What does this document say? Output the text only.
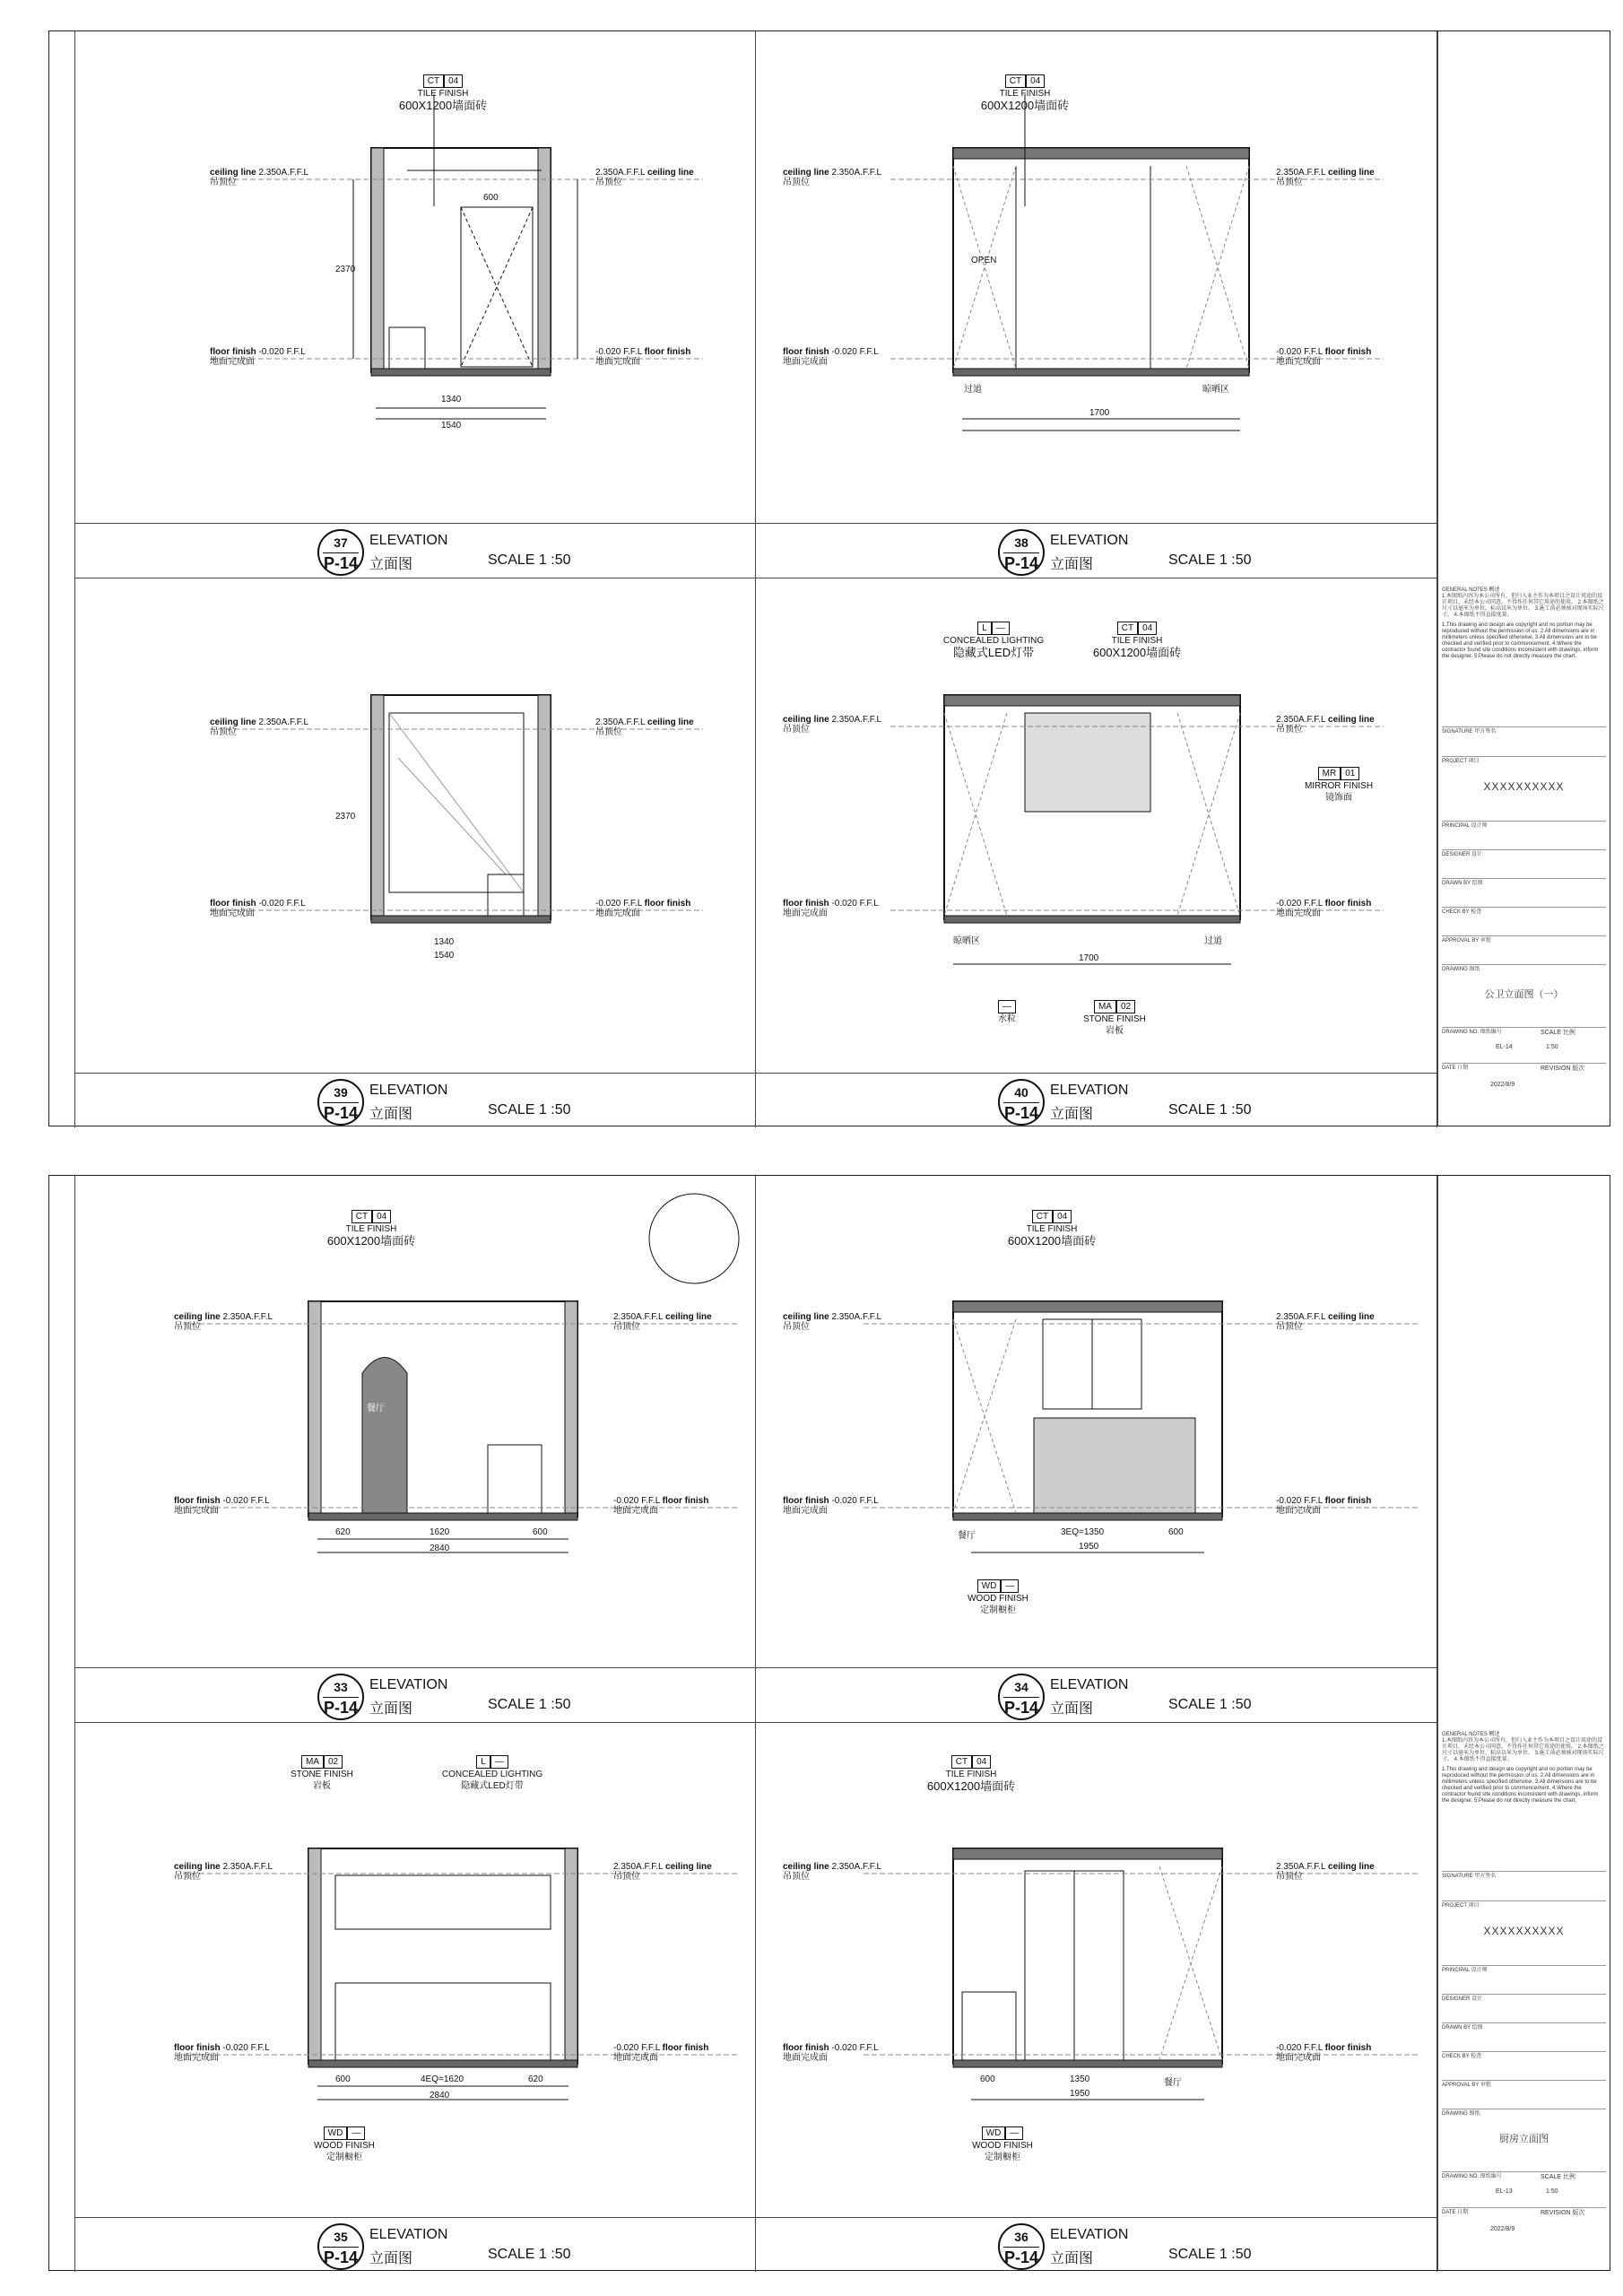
CT 04
TILE FINISH
600X1200墙面砖
ceiling line 2.350A.F.F.L
吊顶位
2.350A.F.F.L ceiling line
吊顶位
floor finish -0.020 F.F.L
地面完成面
-0.020 F.F.L floor finish
地面完成面
2370
1340
1540
600
37
P-14
ELEVATION
立面图	SCALE 1 :50
CT 04
TILE FINISH
600X1200墙面砖
ceiling line 2.350A.F.F.L
吊顶位
2.350A.F.F.L ceiling line
吊顶位
floor finish -0.020 F.F.L
地面完成面
-0.020 F.F.L floor finish
地面完成面
过道	晾晒区
1700
OPEN
38
P-14
ELEVATION
立面图	SCALE 1 :50
ceiling line 2.350A.F.F.L
吊顶位
2.350A.F.F.L ceiling line
吊顶位
floor finish -0.020 F.F.L
地面完成面
-0.020 F.F.L floor finish
地面完成面
1340
1540
2370
39
P-14
ELEVATION
立面图	SCALE 1 :50
L —
CONCEALED LIGHTING
隐藏式LED灯带
CT 04
TILE FINISH
600X1200墙面砖
MR 01
MIRROR FINISH
镜饰面
MA 02
STONE FINISH
岩板
—
水粒
ceiling line 2.350A.F.F.L
吊顶位
2.350A.F.F.L ceiling line
吊顶位
floor finish -0.020 F.F.L
地面完成面
-0.020 F.F.L floor finish
地面完成面
晾晒区	过道
1700
40
P-14
ELEVATION
立面图	SCALE 1 :50
GENERAL NOTES 概述
1.本图纸内容为本公司所有，但归入业主作为本项目之设计用途的设计项目，未经本公司同意，不得作任何其它用途的使用。 2.本图纸之尺寸以毫米为单位，标高以米为单位。 3.施工前必须核对现场实际尺寸。 4.本图纸不得直接度量。
1.This drawing and design are copyright and no portion may be reproduced without the permission of us. 2.All dimensions are in millimeters unless specified otherwise. 3.All dimensions are to be checked and verified prior to commencement. 4.Where the contractor found site conditions inconsistent with drawings, inform the designer. 5.Please do not directly measure the chart.
SIGNATURE 甲方签名
PROJECT 项目
XXXXXXXXXX
PRINCIPAL 设计师
DESIGNER 设计
DRAWN BY 绘图
CHECK BY 检查
APPROVAL BY 审批
DRAWING 图纸
公卫立面图（一）
DRAWING NO. 图纸编号	SCALE 比例
EL-14	1:50
DATE 日期	REVISION 版次
2022/8/9
CT 04
TILE FINISH
600X1200墙面砖
ceiling line 2.350A.F.F.L
吊顶位
2.350A.F.F.L ceiling line
吊顶位
floor finish -0.020 F.F.L
地面完成面
-0.020 F.F.L floor finish
地面完成面
620	1620	600
2840
餐厅
33
P-14
ELEVATION
立面图	SCALE 1 :50
CT 04
TILE FINISH
600X1200墙面砖
WD —
WOOD FINISH
定制橱柜
ceiling line 2.350A.F.F.L
吊顶位
2.350A.F.F.L ceiling line
吊顶位
floor finish -0.020 F.F.L
地面完成面
-0.020 F.F.L floor finish
地面完成面
餐厅	3EQ=1350	600
1950
34
P-14
ELEVATION
立面图	SCALE 1 :50
MA 02
STONE FINISH
岩板
L —
CONCEALED LIGHTING
隐藏式LED灯带
WD —
WOOD FINISH
定制橱柜
ceiling line 2.350A.F.F.L
吊顶位
2.350A.F.F.L ceiling line
吊顶位
floor finish -0.020 F.F.L
地面完成面
-0.020 F.F.L floor finish
地面完成面
600	4EQ=1620	620
2840
35
P-14
ELEVATION
立面图	SCALE 1 :50
CT 04
TILE FINISH
600X1200墙面砖
WD —
WOOD FINISH
定制橱柜
ceiling line 2.350A.F.F.L
吊顶位
2.350A.F.F.L ceiling line
吊顶位
floor finish -0.020 F.F.L
地面完成面
-0.020 F.F.L floor finish
地面完成面
600	1350	餐厅
1950
36
P-14
ELEVATION
立面图	SCALE 1 :50
GENERAL NOTES 概述
1.本图纸内容为本公司所有，但归入业主作为本项目之设计用途的设计项目，未经本公司同意，不得作任何其它用途的使用。 2.本图纸之尺寸以毫米为单位，标高以米为单位。 3.施工前必须核对现场实际尺寸。 4.本图纸不得直接度量。
1.This drawing and design are copyright and no portion may be reproduced without the permission of us. 2.All dimensions are in millimeters unless specified otherwise. 3.All dimensions are to be checked and verified prior to commencement. 4.Where the contractor found site conditions inconsistent with drawings, inform the designer. 5.Please do not directly measure the chart.
SIGNATURE 甲方签名
PROJECT 项目
XXXXXXXXXX
PRINCIPAL 设计师
DESIGNER 设计
DRAWN BY 绘图
CHECK BY 检查
APPROVAL BY 审批
DRAWING 图纸
厨房立面图
DRAWING NO. 图纸编号	SCALE 比例
EL-13	1:50
DATE 日期	REVISION 版次
2022/8/9
